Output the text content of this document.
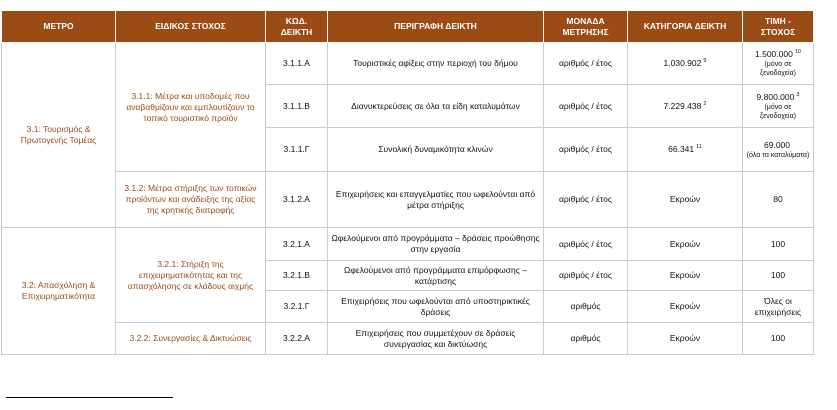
ΜΕΤΡΟ	ΕΙΔΙΚΟΣ ΣΤΟΧΟΣ	ΚΩΔ.
ΔΕΙΚΤΗ	ΠΕΡΙΓΡΑΦΗ ΔΕΙΚΤΗ	ΜΟΝΑΔΑ
ΜΕΤΡΗΣΗΣ	ΚΑΤΗΓΟΡΙΑ ΔΕΙΚΤΗ	ΤΙΜΗ -
ΣΤΟΧΟΣ
3.1: Τουρισμός & Πρωτογενής Τομέας	3.1.1: Μέτρα και υποδομές που αναβαθμίζουν και εμπλουτίζουν το τοπικό τουριστικό προϊόν	3.1.1.Α	Τουριστικές αφίξεις στην περιοχή του δήμου	αριθμός / έτος	1.030.902 $^9$	1.500.000 $^{10}$
(μόνο σε ξενοδοχεία)

		3.1.1.Β	Διανυκτερεύσεις σε όλα τα είδη καταλυμάτων	αριθμός / έτος	7.229.438 $^2$	9.800.000 $^3$
(μόνο σε ξενοδοχεία)

		3.1.1.Γ	Συνολική δυναμικότητα κλινών	αριθμός / έτος	66.341 $^{11}$	69.000
(όλα τα καταλύματα)

	3.1.2: Μέτρα στήριξης των τοπικών προϊόντων και ανάδειξης της αξίας της κρητικής διατροφής	3.1.2.Α	Επιχειρήσεις και επαγγελματίες που ωφελούνται από μέτρα στήριξης	αριθμός / έτος	Εκροών	80
3.2: Απασχόληση & Επιχειρηματικότητα	3.2.1: Στήριξη της επιχειρηματικότητας και της απασχόλησης σε κλάδους αιχμής	3.2.1.Α	Ωφελούμενοι από προγράμματα – δράσεις προώθησης στην εργασία	αριθμός / έτος	Εκροών	100
		3.2.1.Β	Ωφελούμενοι από προγράμματα επιμόρφωσης – κατάρτισης	αριθμός / έτος	Εκροών	100
		3.2.1.Γ	Επιχειρήσεις που ωφελούνται από υποστηρικτικές δράσεις	αριθμός	Εκροών	Όλες οι επιχειρήσεις
	3.2.2: Συνεργασίες & Δικτυώσεις	3.2.2.Α	Επιχειρήσεις που συμμετέχουν σε δράσεις συνεργασίας και δικτύωσης	αριθμός	Εκροών	100
